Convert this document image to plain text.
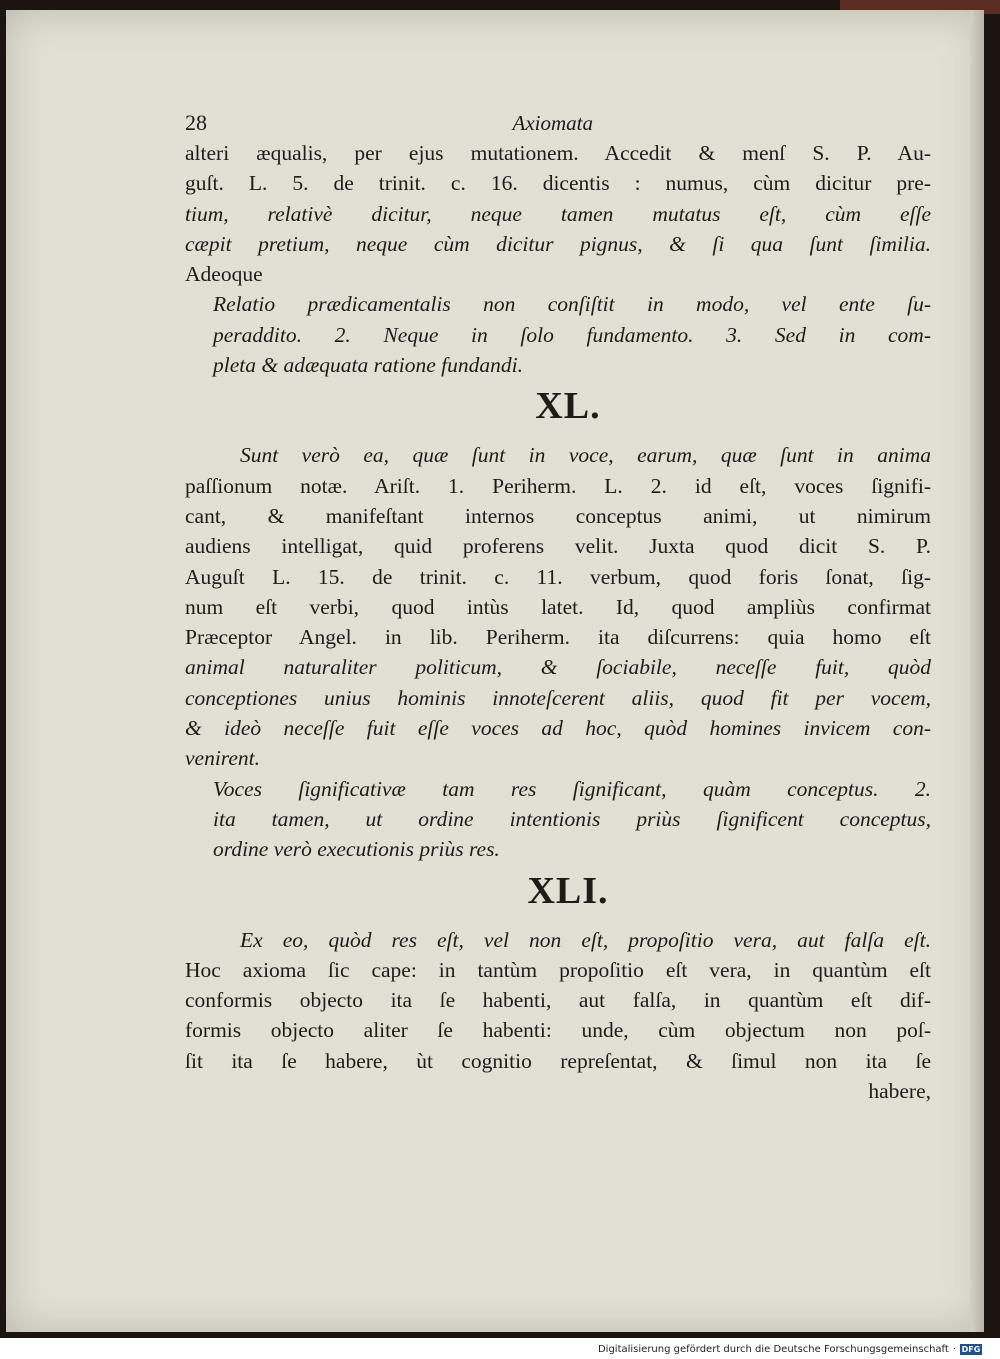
28	Axiomata
alteri æqualis, per ejus mutationem. Accedit & menſ S. P. Au-
guſt. L. 5. de trinit. c. 16. dicentis : numus, cùm dicitur pre-
tium, relativè dicitur, neque tamen mutatus eſt, cùm eſſe
cæpit pretium, neque cùm dicitur pignus, & ſi qua ſunt ſimilia.
Adeoque
Relatio prædicamentalis non conſiſtit in modo, vel ente ſu-
peraddito. 2. Neque in ſolo fundamento. 3. Sed in com-
pleta & adæquata ratione fundandi.
XL.
Sunt verò ea, quæ ſunt in voce, earum, quæ ſunt in anima
paſſionum notæ. Ariſt. 1. Periherm. L. 2. id eſt, voces ſignifi-
cant, & manifeſtant internos conceptus animi, ut nimirum
audiens intelligat, quid proferens velit. Juxta quod dicit S. P.
Auguſt L. 15. de trinit. c. 11. verbum, quod foris ſonat, ſig-
num eſt verbi, quod intùs latet. Id, quod ampliùs confirmat
Præceptor Angel. in lib. Periherm. ita diſcurrens: quia homo eſt
animal naturaliter politicum, & ſociabile, neceſſe fuit, quòd
conceptiones unius hominis innoteſcerent aliis, quod fit per vocem,
& ideò neceſſe fuit eſſe voces ad hoc, quòd homines invicem con-
venirent.
Voces ſignificativæ tam res ſignificant, quàm conceptus. 2.
ita tamen, ut ordine intentionis priùs ſignificent conceptus,
ordine verò executionis priùs res.
XLI.
Ex eo, quòd res eſt, vel non eſt, propoſitio vera, aut falſa eſt.
Hoc axioma ſic cape: in tantùm propoſitio eſt vera, in quantùm eſt
conformis objecto ita ſe habenti, aut falſa, in quantùm eſt dif-
formis objecto aliter ſe habenti: unde, cùm objectum non poſ-
ſit ita ſe habere, ùt cognitio repreſentat, & ſimul non ita ſe
habere,
Digitalisierung gefördert durch die Deutsche Forschungsgemeinschaft · DFG
